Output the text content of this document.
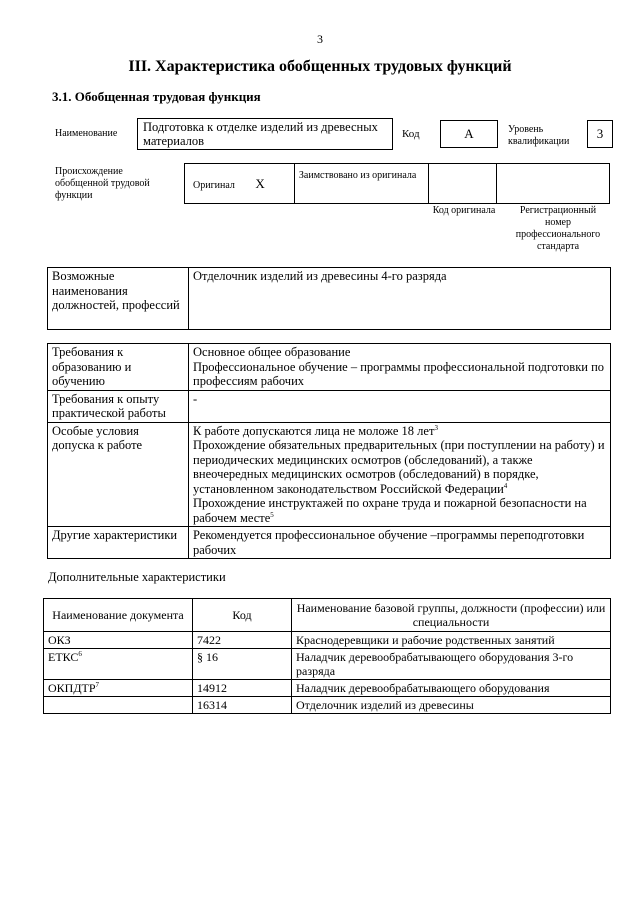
3
III. Характеристика обобщенных трудовых функций
3.1. Обобщенная трудовая функция
Наименование	Подготовка к отделке изделий из древесных материалов	Код	A	Уровень квалификации
3
Происхождение обобщенной трудовой функции
Оригинал X	Заимствовано из оригинала		
Код оригинала	Регистрационный номер профессионального стандарта
Возможные наименования должностей, профессий	Отделочник изделий из древесины 4-го разряда
Требования к образованию и обучению	Основное общее образование
Профессиональное обучение – программы профессиональной подготовки по профессиям рабочих

Требования к опыту практической работы	-

Особые условия допуска к работе	К работе допускаются лица не моложе 18 лет$^3$
Прохождение обязательных предварительных (при поступлении на работу) и периодических медицинских осмотров (обследований), а также внеочередных медицинских осмотров (обследований) в порядке, установленном законодательством Российской Федерации$^4$
Прохождение инструктажей по охране труда и пожарной безопасности на рабочем месте$^5$

Другие характеристики	Рекомендуется профессиональное обучение –программы переподготовки рабочих
Дополнительные характеристики
Наименование документа	Код	Наименование базовой группы, должности (профессии) или специальности
ОКЗ	7422	Краснодеревщики и рабочие родственных занятий
ЕТКС$^6$	§ 16	Наладчик деревообрабатывающего оборудования 3-го разряда
ОКПДТР$^7$	14912	Наладчик деревообрабатывающего оборудования
	16314	Отделочник изделий из древесины
